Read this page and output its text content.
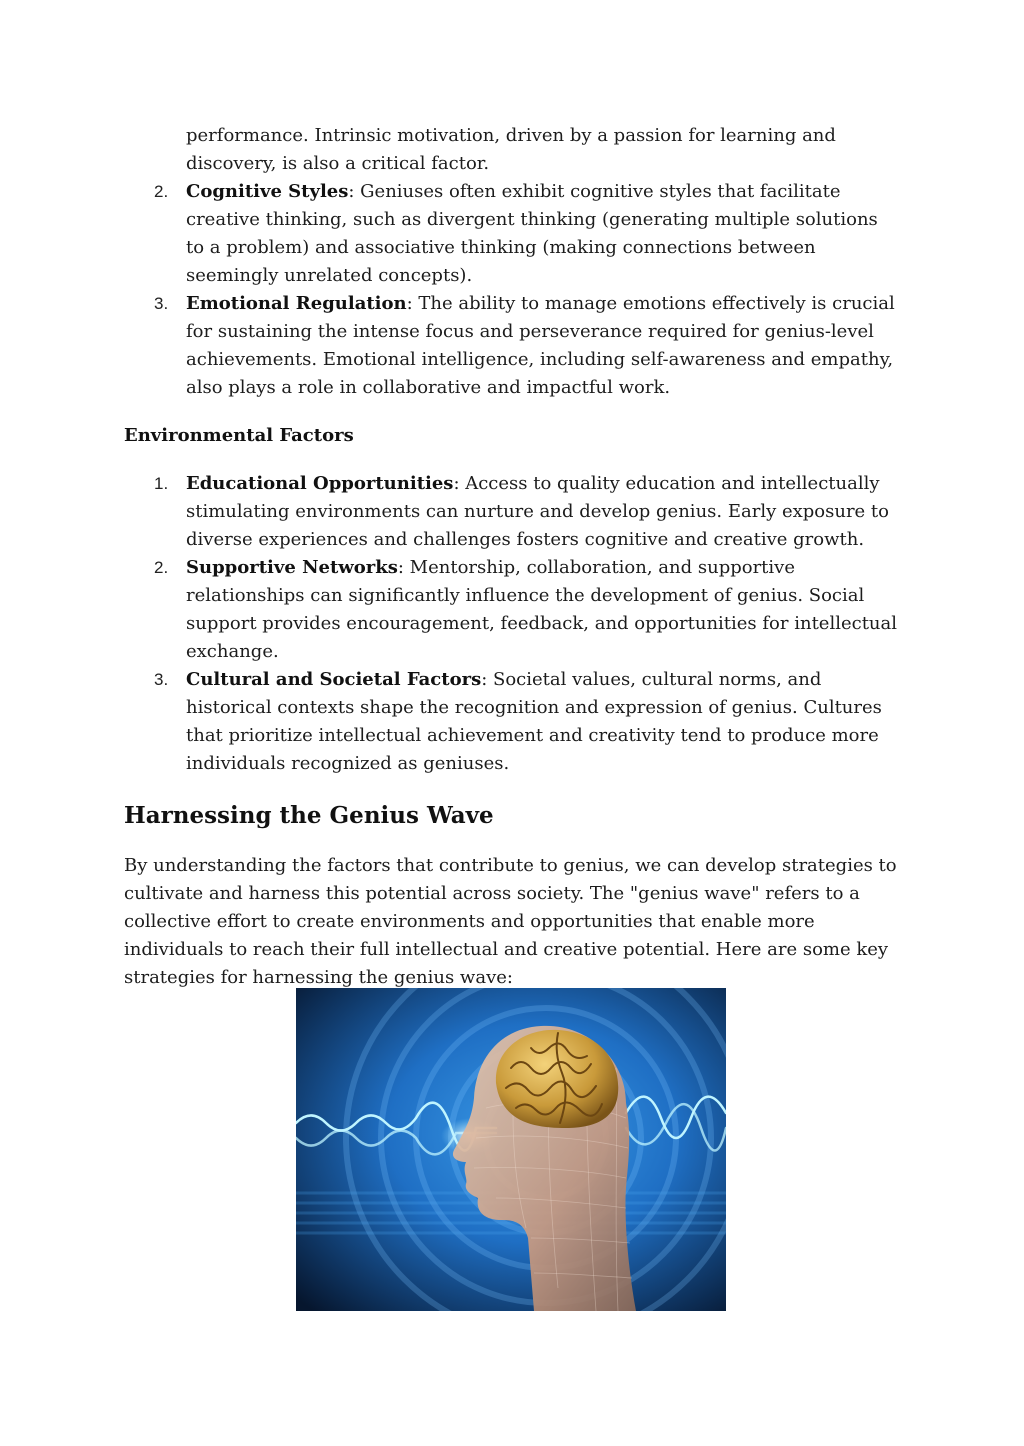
performance. Intrinsic motivation, driven by a passion for learning and discovery, is also a critical factor.
2. Cognitive Styles: Geniuses often exhibit cognitive styles that facilitate creative thinking, such as divergent thinking (generating multiple solutions to a problem) and associative thinking (making connections between seemingly unrelated concepts).
3. Emotional Regulation: The ability to manage emotions effectively is crucial for sustaining the intense focus and perseverance required for genius-level achievements. Emotional intelligence, including self-awareness and empathy, also plays a role in collaborative and impactful work.
Environmental Factors
1. Educational Opportunities: Access to quality education and intellectually stimulating environments can nurture and develop genius. Early exposure to diverse experiences and challenges fosters cognitive and creative growth.
2. Supportive Networks: Mentorship, collaboration, and supportive relationships can significantly influence the development of genius. Social support provides encouragement, feedback, and opportunities for intellectual exchange.
3. Cultural and Societal Factors: Societal values, cultural norms, and historical contexts shape the recognition and expression of genius. Cultures that prioritize intellectual achievement and creativity tend to produce more individuals recognized as geniuses.
Harnessing the Genius Wave

By understanding the factors that contribute to genius, we can develop strategies to cultivate and harness this potential across society. The "genius wave" refers to a collective effort to create environments and opportunities that enable more individuals to reach their full intellectual and creative potential. Here are some key strategies for harnessing the genius wave:
